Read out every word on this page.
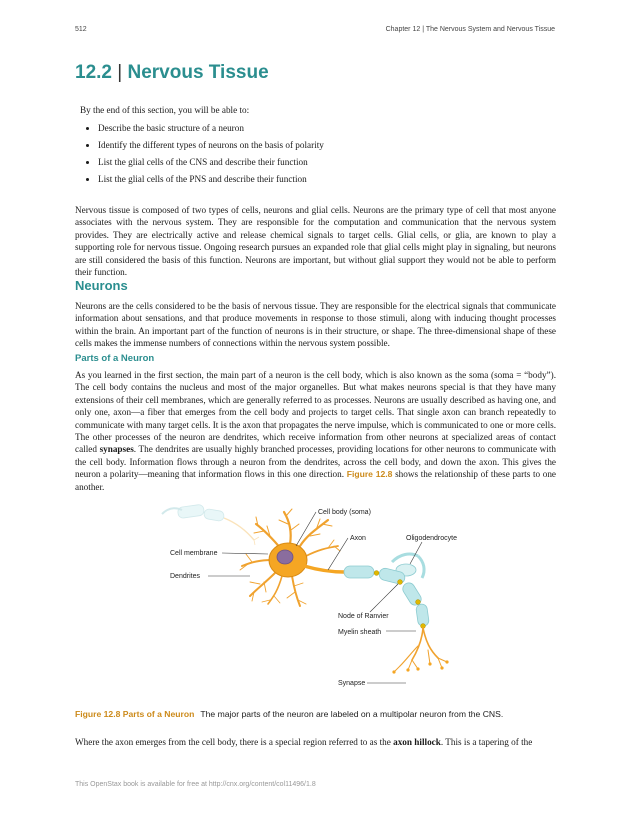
512	Chapter 12 | The Nervous System and Nervous Tissue
12.2 | Nervous Tissue
By the end of this section, you will be able to:
• Describe the basic structure of a neuron
• Identify the different types of neurons on the basis of polarity
• List the glial cells of the CNS and describe their function
• List the glial cells of the PNS and describe their function

Nervous tissue is composed of two types of cells, neurons and glial cells. Neurons are the primary type of cell that most anyone associates with the nervous system. They are responsible for the computation and communication that the nervous system provides. They are electrically active and release chemical signals to target cells. Glial cells, or glia, are known to play a supporting role for nervous tissue. Ongoing research pursues an expanded role that glial cells might play in signaling, but neurons are still considered the basis of this function. Neurons are important, but without glial support they would not be able to perform their function.

Neurons

Neurons are the cells considered to be the basis of nervous tissue. They are responsible for the electrical signals that communicate information about sensations, and that produce movements in response to those stimuli, along with inducing thought processes within the brain. An important part of the function of neurons is in their structure, or shape. The three-dimensional shape of these cells makes the immense numbers of connections within the nervous system possible.

Parts of a Neuron

As you learned in the first section, the main part of a neuron is the cell body, which is also known as the soma (soma = “body”). The cell body contains the nucleus and most of the major organelles. But what makes neurons special is that they have many extensions of their cell membranes, which are generally referred to as processes. Neurons are usually described as having one, and only one, axon—a fiber that emerges from the cell body and projects to target cells. That single axon can branch repeatedly to communicate with many target cells. It is the axon that propagates the nerve impulse, which is communicated to one or more cells. The other processes of the neuron are dendrites, which receive information from other neurons at specialized areas of contact called synapses. The dendrites are usually highly branched processes, providing locations for other neurons to communicate with the cell body. Information flows through a neuron from the dendrites, across the cell body, and down the axon. This gives the neuron a polarity—meaning that information flows in this one direction. Figure 12.8 shows the relationship of these parts to one another.

Cell body (soma)
Axon	Oligodendrocyte
Cell membrane
Dendrites
Node of Ranvier
Myelin sheath
Synapse

Figure 12.8 Parts of a Neuron The major parts of the neuron are labeled on a multipolar neuron from the CNS.

Where the axon emerges from the cell body, there is a special region referred to as the axon hillock. This is a tapering of the

This OpenStax book is available for free at http://cnx.org/content/col11496/1.8
